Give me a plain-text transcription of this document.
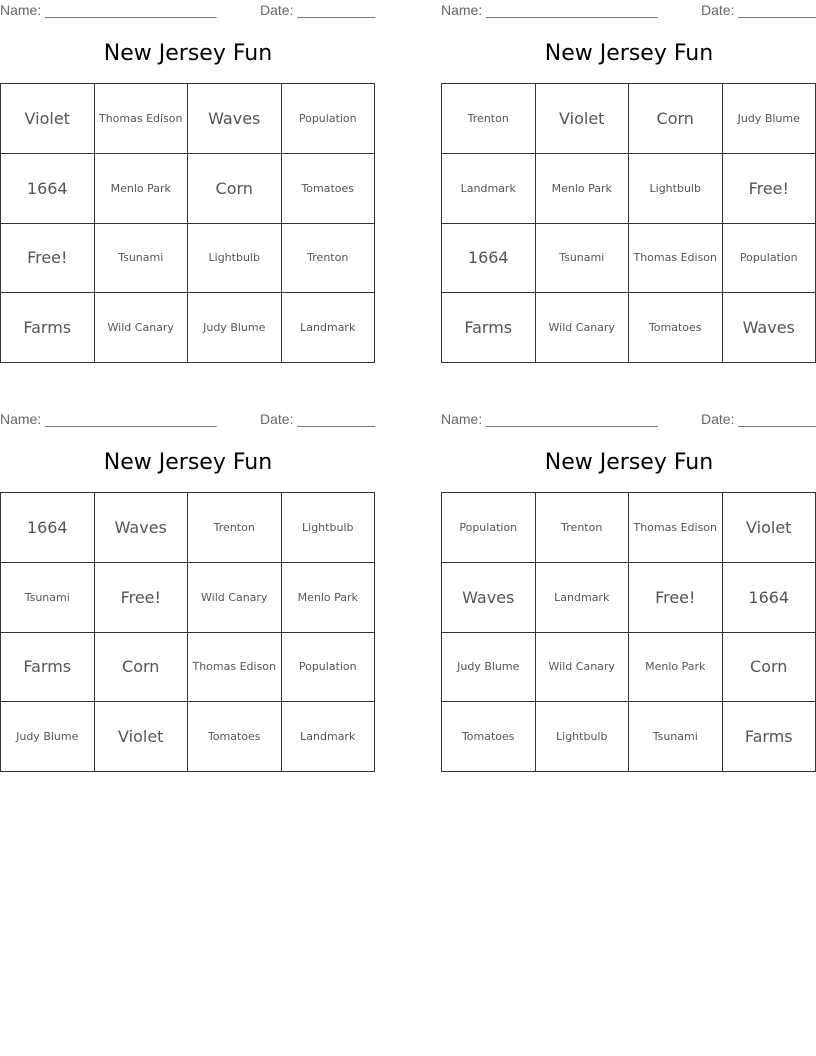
Name: ______________________	Date: __________
New Jersey Fun
Violet	Thomas Edison	Waves	Population
1664	Menlo Park	Corn	Tomatoes
Free!	Tsunami	Lightbulb	Trenton
Farms	Wild Canary	Judy Blume	Landmark
Name: ______________________	Date: __________
New Jersey Fun
Trenton	Violet	Corn	Judy Blume
Landmark	Menlo Park	Lightbulb	Free!
1664	Tsunami	Thomas Edison	Population
Farms	Wild Canary	Tomatoes	Waves
Name: ______________________	Date: __________
New Jersey Fun
1664	Waves	Trenton	Lightbulb
Tsunami	Free!	Wild Canary	Menlo Park
Farms	Corn	Thomas Edison	Population
Judy Blume	Violet	Tomatoes	Landmark
Name: ______________________	Date: __________
New Jersey Fun
Population	Trenton	Thomas Edison	Violet
Waves	Landmark	Free!	1664
Judy Blume	Wild Canary	Menlo Park	Corn
Tomatoes	Lightbulb	Tsunami	Farms
